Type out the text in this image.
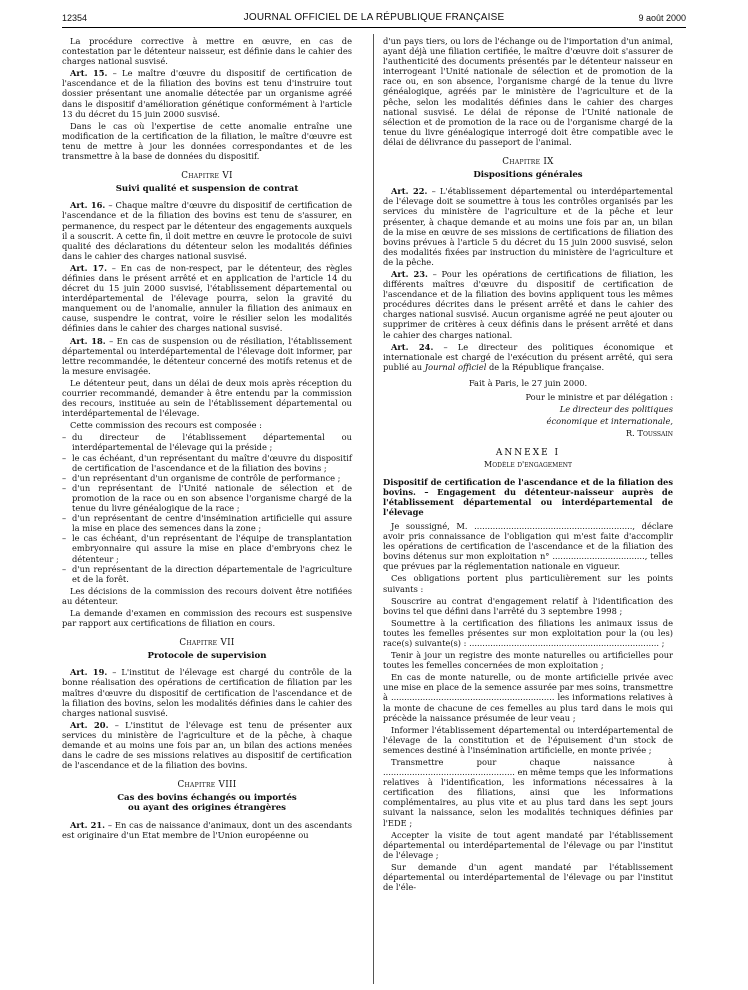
12354	JOURNAL OFFICIEL DE LA RÉPUBLIQUE FRANÇAISE	9 août 2000

La procédure corrective à mettre en œuvre, en cas de contestation par le détenteur naisseur, est définie dans le cahier des charges national susvisé.

Art. 15. – Le maître d'œuvre du dispositif de certification de l'ascendance et de la filiation des bovins est tenu d'instruire tout dossier présentant une anomalie détectée par un organisme agréé dans le dispositif d'amélioration génétique conformément à l'article 13 du décret du 15 juin 2000 susvisé.

Dans le cas où l'expertise de cette anomalie entraîne une modification de la certification de la filiation, le maître d'œuvre est tenu de mettre à jour les données correspondantes et de les transmettre à la base de données du dispositif.

Chapitre VI
Suivi qualité et suspension de contrat

Art. 16. – Chaque maître d'œuvre du dispositif de certification de l'ascendance et de la filiation des bovins est tenu de s'assurer, en permanence, du respect par le détenteur des engagements auxquels il a souscrit. A cette fin, il doit mettre en œuvre le protocole de suivi qualité des déclarations du détenteur selon les modalités définies dans le cahier des charges national susvisé.

Art. 17. – En cas de non-respect, par le détenteur, des règles définies dans le présent arrêté et en application de l'article 14 du décret du 15 juin 2000 susvisé, l'établissement départemental ou interdépartemental de l'élevage pourra, selon la gravité du manquement ou de l'anomalie, annuler la filiation des animaux en cause, suspendre le contrat, voire le résilier selon les modalités définies dans le cahier des charges national susvisé.

Art. 18. – En cas de suspension ou de résiliation, l'établissement départemental ou interdépartemental de l'élevage doit informer, par lettre recommandée, le détenteur concerné des motifs retenus et de la mesure envisagée.

Le détenteur peut, dans un délai de deux mois après réception du courrier recommandé, demander à être entendu par la commission des recours, instituée au sein de l'établissement départemental ou interdépartemental de l'élevage.

Cette commission des recours est composée :

– du directeur de l'établissement départemental ou interdépartemental de l'élevage qui la préside ;
– le cas échéant, d'un représentant du maître d'œuvre du dispositif de certification de l'ascendance et de la filiation des bovins ;
– d'un représentant d'un organisme de contrôle de performance ;
– d'un représentant de l'Unité nationale de sélection et de promotion de la race ou en son absence l'organisme chargé de la tenue du livre généalogique de la race ;
– d'un représentant de centre d'insémination artificielle qui assure la mise en place des semences dans la zone ;
– le cas échéant, d'un représentant de l'équipe de transplantation embryonnaire qui assure la mise en place d'embryons chez le détenteur ;
– d'un représentant de la direction départementale de l'agriculture et de la forêt.

Les décisions de la commission des recours doivent être notifiées au détenteur.

La demande d'examen en commission des recours est suspensive par rapport aux certifications de filiation en cours.

Chapitre VII
Protocole de supervision

Art. 19. – L'institut de l'élevage est chargé du contrôle de la bonne réalisation des opérations de certification de filiation par les maîtres d'œuvre du dispositif de certification de l'ascendance et de la filiation des bovins, selon les modalités définies dans le cahier des charges national susvisé.

Art. 20. – L'institut de l'élevage est tenu de présenter aux services du ministère de l'agriculture et de la pêche, à chaque demande et au moins une fois par an, un bilan des actions menées dans le cadre de ses missions relatives au dispositif de certification de l'ascendance et de la filiation des bovins.

Chapitre VIII
Cas des bovins échangés ou importés
ou ayant des origines étrangères

Art. 21. – En cas de naissance d'animaux, dont un des ascendants est originaire d'un Etat membre de l'Union européenne ou

d'un pays tiers, ou lors de l'échange ou de l'importation d'un animal, ayant déjà une filiation certifiée, le maître d'œuvre doit s'assurer de l'authenticité des documents présentés par le détenteur naisseur en interrogeant l'Unité nationale de sélection et de promotion de la race ou, en son absence, l'organisme chargé de la tenue du livre généalogique, agréés par le ministère de l'agriculture et de la pêche, selon les modalités définies dans le cahier des charges national susvisé. Le délai de réponse de l'Unité nationale de sélection et de promotion de la race ou de l'organisme chargé de la tenue du livre généalogique interrogé doit être compatible avec le délai de délivrance du passeport de l'animal.

Chapitre IX
Dispositions générales

Art. 22. – L'établissement départemental ou interdépartemental de l'élevage doit se soumettre à tous les contrôles organisés par les services du ministère de l'agriculture et de la pêche et leur présenter, à chaque demande et au moins une fois par an, un bilan de la mise en œuvre de ses missions de certifications de filiation des bovins prévues à l'article 5 du décret du 15 juin 2000 susvisé, selon des modalités fixées par instruction du ministère de l'agriculture et de la pêche.

Art. 23. – Pour les opérations de certifications de filiation, les différents maîtres d'œuvre du dispositif de certification de l'ascendance et de la filiation des bovins appliquent tous les mêmes procédures décrites dans le présent arrêté et dans le cahier des charges national susvisé. Aucun organisme agréé ne peut ajouter ou supprimer de critères à ceux définis dans le présent arrêté et dans le cahier des charges national.

Art. 24. – Le directeur des politiques économique et internationale est chargé de l'exécution du présent arrêté, qui sera publié au Journal officiel de la République française.

Fait à Paris, le 27 juin 2000.
Pour le ministre et par délégation :
Le directeur des politiques
économique et internationale,
R. Toussain
ANNEXE I
Modèle d'engagement
Dispositif de certification de l'ascendance et de la filiation des bovins. – Engagement du détenteur-naisseur auprès de l'établissement départemental ou interdépartemental de l'élevage

Je soussigné, M. ............................................................, déclare avoir pris connaissance de l'obligation qui m'est faite d'accomplir les opérations de certification de l'ascendance et de la filiation des bovins détenus sur mon exploitation n° ..................................., telles que prévues par la réglementation nationale en vigueur.

Ces obligations portent plus particulièrement sur les points suivants :

Souscrire au contrat d'engagement relatif à l'identification des bovins tel que défini dans l'arrêté du 3 septembre 1998 ;

Soumettre à la certification des filiations les animaux issus de toutes les femelles présentes sur mon exploitation pour la (ou les) race(s) suivante(s) : ........................................................................ ;

Tenir à jour un registre des monte naturelles ou artificielles pour toutes les femelles concernées de mon exploitation ;

En cas de monte naturelle, ou de monte artificielle privée avec une mise en place de la semence assurée par mes soins, transmettre à .............................................................. les informations relatives à la monte de chacune de ces femelles au plus tard dans le mois qui précède la naissance présumée de leur veau ;

Informer l'établissement départemental ou interdépartemental de l'élevage de la constitution et de l'épuisement d'un stock de semences destiné à l'insémination artificielle, en monte privée ;

Transmettre pour chaque naissance à .................................................. en même temps que les informations relatives à l'identification, les informations nécessaires à la certification des filiations, ainsi que les informations complémentaires, au plus vite et au plus tard dans les sept jours suivant la naissance, selon les modalités techniques définies par l'EDE ;

Accepter la visite de tout agent mandaté par l'établissement départemental ou interdépartemental de l'élevage ou par l'institut de l'élevage ;

Sur demande d'un agent mandaté par l'établissement départemental ou interdépartemental de l'élevage ou par l'institut de l'éle-
